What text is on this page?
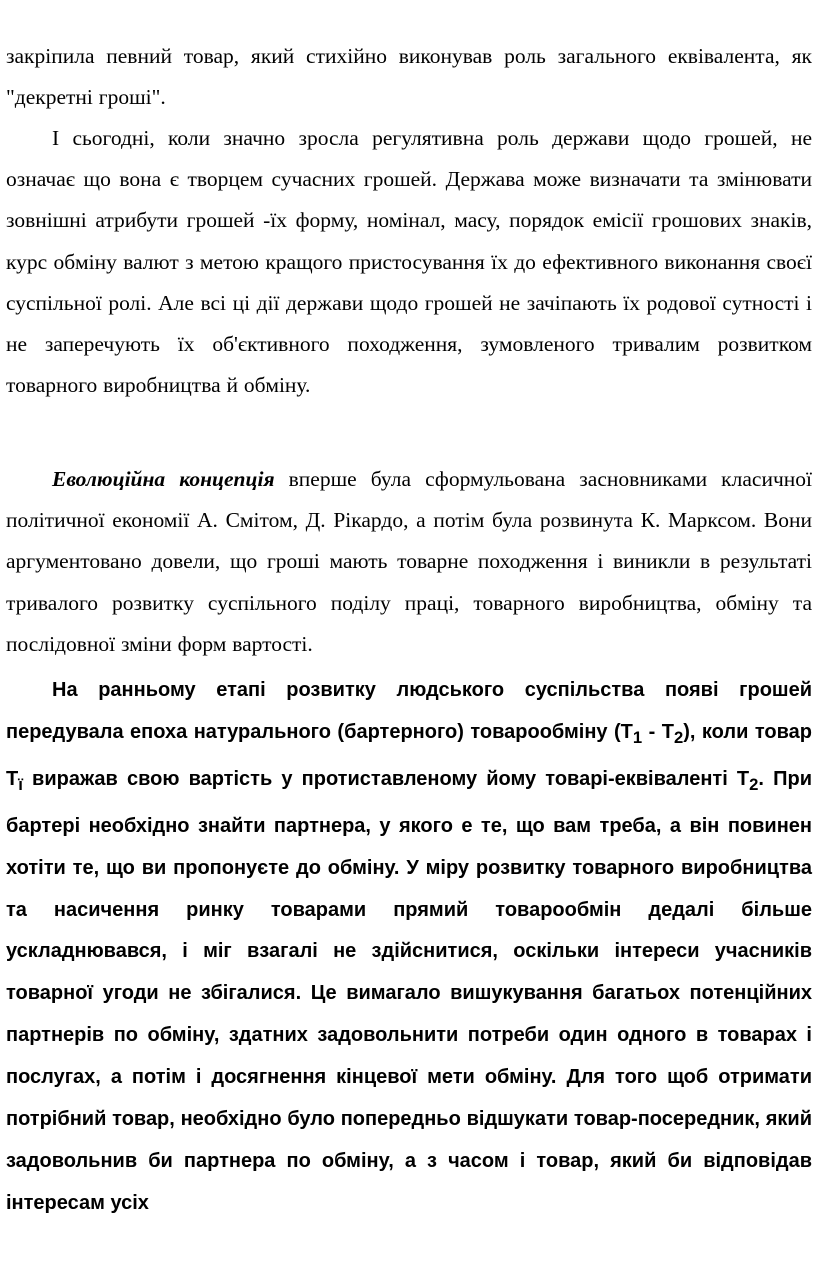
закріпила певний товар, який стихійно виконував роль загального еквівалента, як "декретні гроші".

І сьогодні, коли значно зросла регулятивна роль держави щодо грошей, не означає що вона є творцем сучасних грошей. Держава може визначати та змінювати зовнішні атрибути грошей -їх форму, номінал, масу, порядок емісії грошових знаків, курс обміну валют з метою кращого пристосування їх до ефективного виконання своєї суспільної ролі. Але всі ці дії держави щодо грошей не зачіпають їх родової сутності і не заперечують їх об'єктивного походження, зумовленого тривалим розвитком товарного виробництва й обміну.

Еволюційна концепція вперше була сформульована засновниками класичної політичної економії А. Смітом, Д. Рікардо, а потім була розвинута К. Марксом. Вони аргументовано довели, що гроші мають товарне походження і виникли в результаті тривалого розвитку суспільного поділу праці, товарного виробництва, обміну та послідовної зміни форм вартості.

На ранньому етапі розвитку людського суспільства появі грошей передувала епоха натурального (бартерного) товарообміну $(Т_1 - Т_2)$, коли товар $Т_ї$ виражав свою вартість у протиставленому йому товарі-еквіваленті $Т_2$. При бартері необхідно знайти партнера, у якого е те, що вам треба, а він повинен хотіти те, що ви пропонуєте до обміну. У міру розвитку товарного виробництва та насичення ринку товарами прямий товарообмін дедалі більше ускладнювався, і міг взагалі не здійснитися, оскільки інтереси учасників товарної угоди не збігалися. Це вимагало вишукування багатьох потенційних партнерів по обміну, здатних задовольнити потреби один одного в товарах і послугах, а потім і досягнення кінцевої мети обміну. Для того щоб отримати потрібний товар, необхідно було попередньо відшукати товар-посередник, який задовольнив би партнера по обміну, а з часом і товар, який би відповідав інтересам усіх
